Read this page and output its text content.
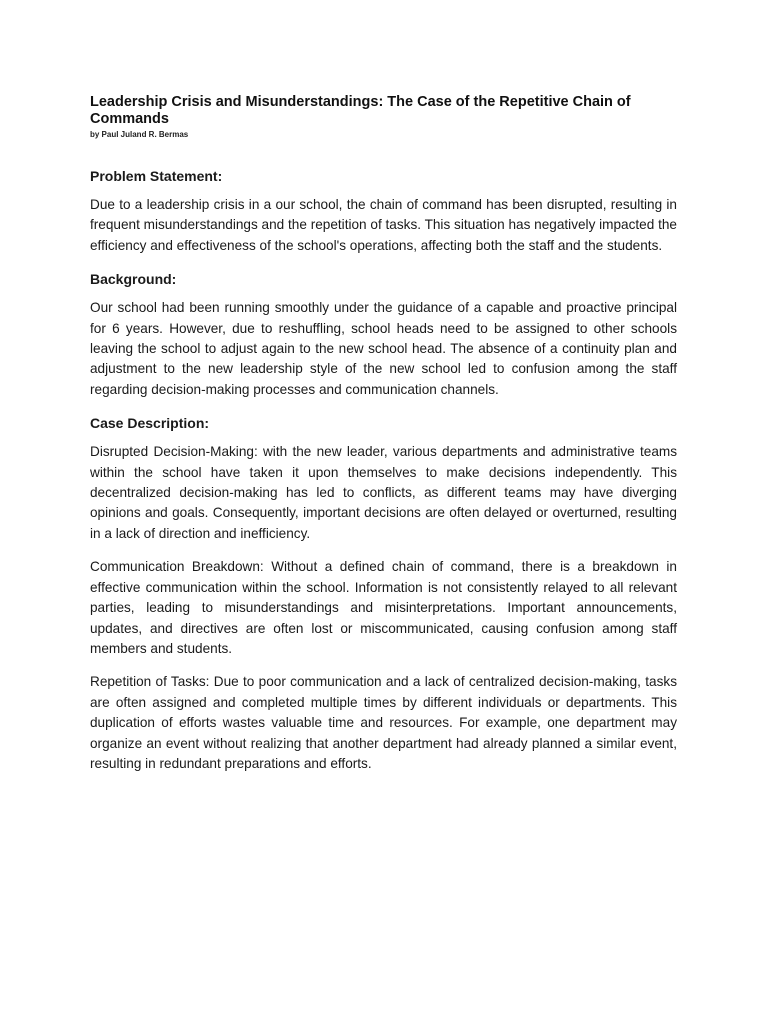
Leadership Crisis and Misunderstandings: The Case of the Repetitive Chain of Commands
by Paul Juland R. Bermas
Problem Statement:

Due to a leadership crisis in a our school, the chain of command has been disrupted, resulting in frequent misunderstandings and the repetition of tasks. This situation has negatively impacted the efficiency and effectiveness of the school's operations, affecting both the staff and the students.

Background:

Our school had been running smoothly under the guidance of a capable and proactive principal for 6 years. However, due to reshuffling, school heads need to be assigned to other schools leaving the school to adjust again to the new school head. The absence of a continuity plan and adjustment to the new leadership style of the new school led to confusion among the staff regarding decision-making processes and communication channels.

Case Description:

Disrupted Decision-Making: with the new leader, various departments and administrative teams within the school have taken it upon themselves to make decisions independently. This decentralized decision-making has led to conflicts, as different teams may have diverging opinions and goals. Consequently, important decisions are often delayed or overturned, resulting in a lack of direction and inefficiency.

Communication Breakdown: Without a defined chain of command, there is a breakdown in effective communication within the school. Information is not consistently relayed to all relevant parties, leading to misunderstandings and misinterpretations. Important announcements, updates, and directives are often lost or miscommunicated, causing confusion among staff members and students.

Repetition of Tasks: Due to poor communication and a lack of centralized decision-making, tasks are often assigned and completed multiple times by different individuals or departments. This duplication of efforts wastes valuable time and resources. For example, one department may organize an event without realizing that another department had already planned a similar event, resulting in redundant preparations and efforts.
